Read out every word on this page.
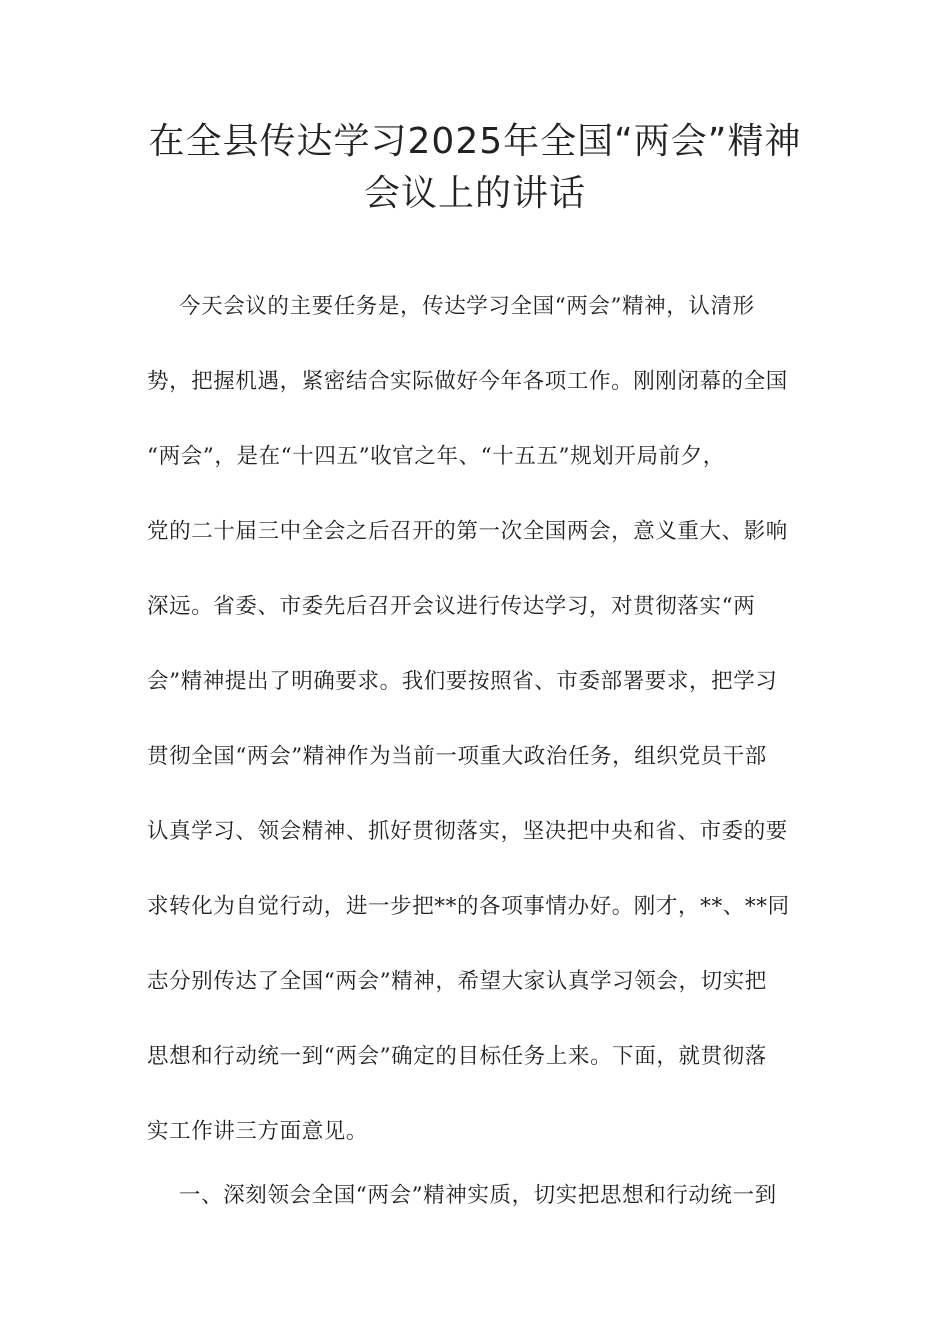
在全县传达学习2025年全国“两会”精神
会议上的讲话
今天会议的主要任务是，传达学习全国“两会”精神，认清形
势，把握机遇，紧密结合实际做好今年各项工作。刚刚闭幕的全国
“两会”，是在“十四五”收官之年、“十五五”规划开局前夕，
党的二十届三中全会之后召开的第一次全国两会，意义重大、影响
深远。省委、市委先后召开会议进行传达学习，对贯彻落实“两
会”精神提出了明确要求。我们要按照省、市委部署要求，把学习
贯彻全国“两会”精神作为当前一项重大政治任务，组织党员干部
认真学习、领会精神、抓好贯彻落实，坚决把中央和省、市委的要
求转化为自觉行动，进一步把**的各项事情办好。刚才，**、**同
志分别传达了全国“两会”精神，希望大家认真学习领会，切实把
思想和行动统一到“两会”确定的目标任务上来。下面，就贯彻落
实工作讲三方面意见。
一、深刻领会全国“两会”精神实质，切实把思想和行动统一到
